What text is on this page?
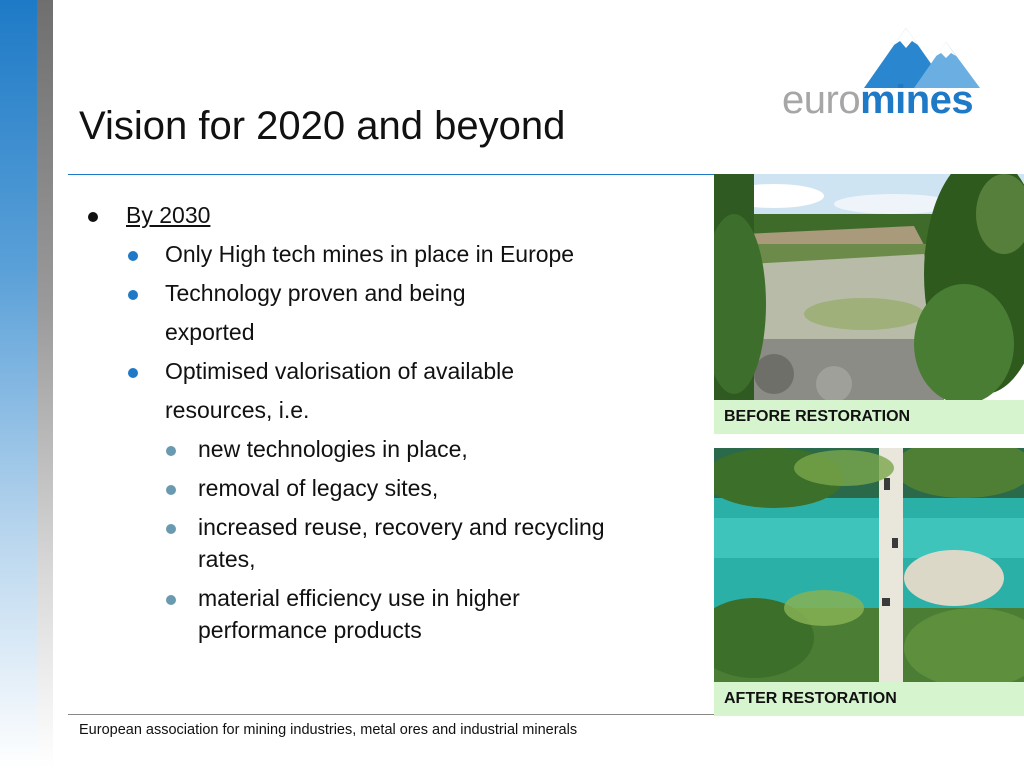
Vision for 2020 and beyond
euromines
By 2030
Only High tech mines in place in Europe
Technology proven and being
exported
Optimised valorisation of available
resources, i.e.
new technologies in place,
removal of legacy sites,
increased reuse, recovery and recycling
rates,
material efficiency use in higher
performance products
BEFORE RESTORATION
AFTER RESTORATION
European association for mining industries, metal ores and industrial minerals
